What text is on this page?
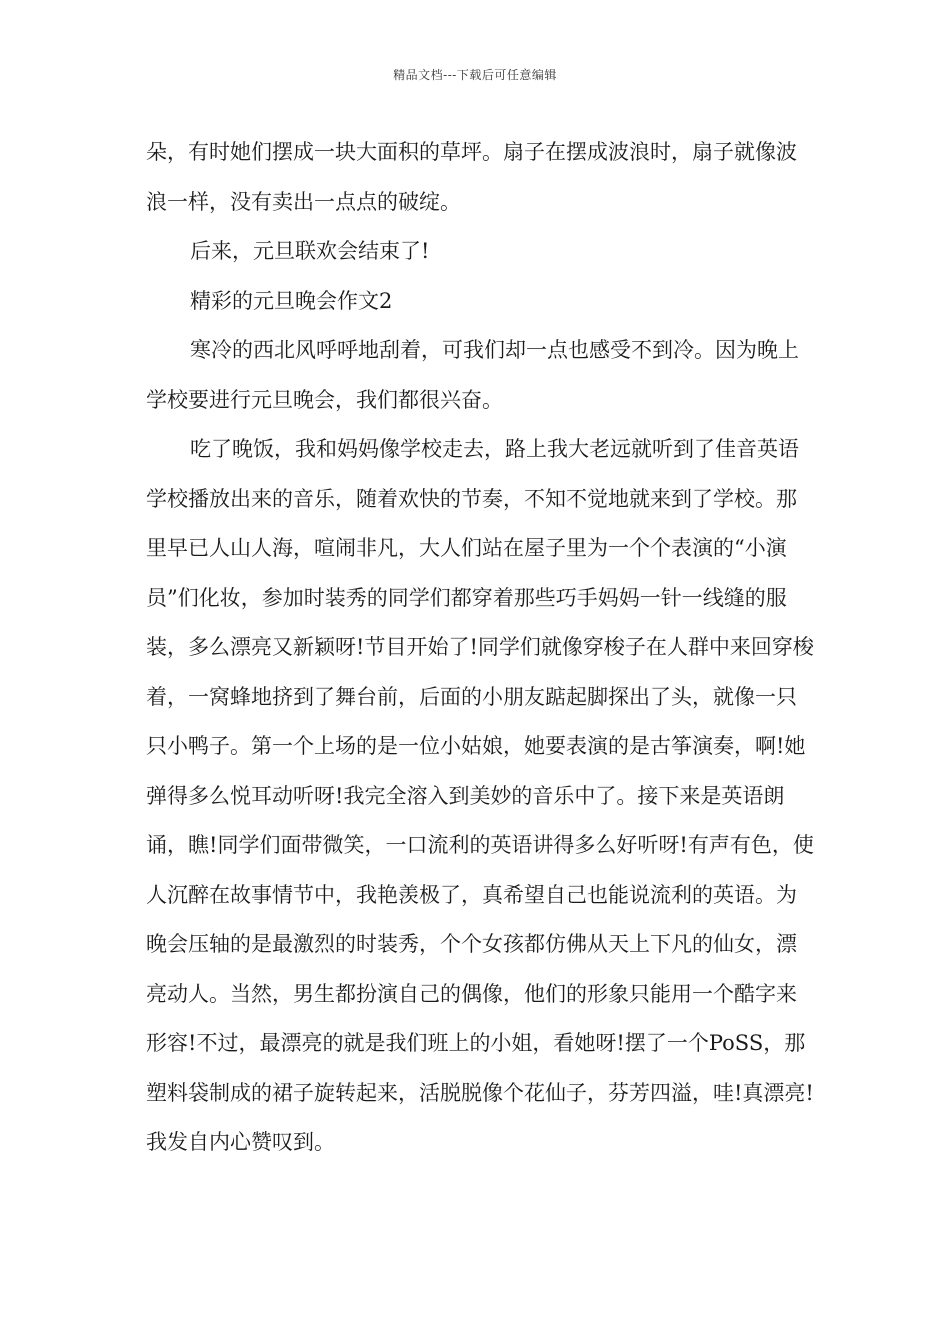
精品文档---下载后可任意编辑

朵，有时她们摆成一块大面积的草坪。扇子在摆成波浪时，扇子就像波浪一样，没有卖出一点点的破绽。

后来，元旦联欢会结束了!

精彩的元旦晚会作文2

寒冷的西北风呼呼地刮着，可我们却一点也感受不到冷。因为晚上学校要进行元旦晚会，我们都很兴奋。

吃了晚饭，我和妈妈像学校走去，路上我大老远就听到了佳音英语学校播放出来的音乐，随着欢快的节奏，不知不觉地就来到了学校。那里早已人山人海，喧闹非凡，大人们站在屋子里为一个个表演的“小演员”们化妆，参加时装秀的同学们都穿着那些巧手妈妈一针一线缝的服装，多么漂亮又新颖呀!节目开始了!同学们就像穿梭子在人群中来回穿梭着，一窝蜂地挤到了舞台前，后面的小朋友踮起脚探出了头，就像一只只小鸭子。第一个上场的是一位小姑娘，她要表演的是古筝演奏，啊!她弹得多么悦耳动听呀!我完全溶入到美妙的音乐中了。接下来是英语朗诵，瞧!同学们面带微笑，一口流利的英语讲得多么好听呀!有声有色，使人沉醉在故事情节中，我艳羡极了，真希望自己也能说流利的英语。为晚会压轴的是最激烈的时装秀，个个女孩都仿佛从天上下凡的仙女，漂亮动人。当然，男生都扮演自己的偶像，他们的形象只能用一个酷字来形容!不过，最漂亮的就是我们班上的小姐，看她呀!摆了一个PoSS，那塑料袋制成的裙子旋转起来，活脱脱像个花仙子，芬芳四溢，哇!真漂亮!我发自内心赞叹到。
